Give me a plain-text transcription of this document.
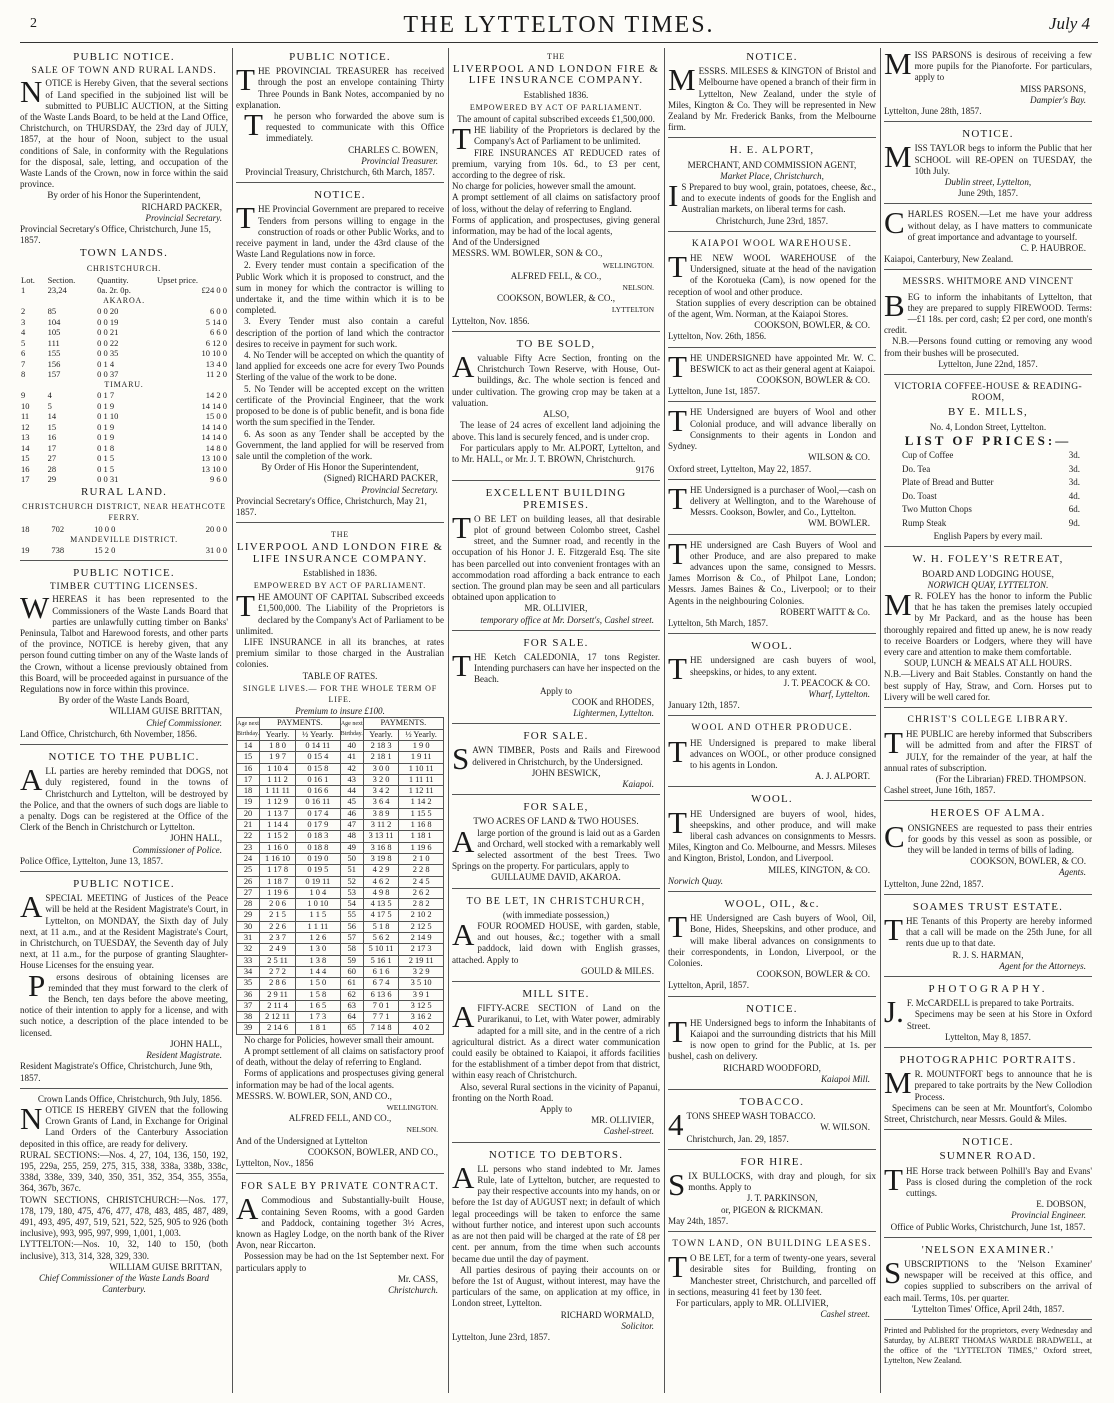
2	THE LYTTELTON TIMES.	July 4
PUBLIC NOTICE.
SALE OF TOWN AND RURAL LANDS.
NOTICE is Hereby Given, that the several sections of Land specified in the subjoined list will be submitted to PUBLIC AUCTION, at the Sitting of the Waste Lands Board, to be held at the Land Office, Christchurch, on THURSDAY, the 23rd day of JULY, 1857, at the hour of Noon, subject to the usual conditions of Sale, in conformity with the Regulations for the disposal, sale, letting, and occupation of the Waste Lands of the Crown, now in force within the said province.
By order of his Honor the Superintendent,
RICHARD PACKER,
Provincial Secretary.
Provincial Secretary's Office, Christchurch, June 15, 1857.
TOWN LANDS.
CHRISTCHURCH.
Lot.	Section.	Quantity.	Upset price.
1	23,24	0a. 2r. 0p.	£24 0 0
AKAROA.			
2	85	0 0 20	6 0 0
3	104	0 0 19	5 14 0
4	105	0 0 21	6 6 0
5	111	0 0 22	6 12 0
6	155	0 0 35	10 10 0
7	156	0 1 4	13 4 0
8	157	0 0 37	11 2 0
TIMARU.			
9	4	0 1 7	14 2 0
10	5	0 1 9	14 14 0
11	14	0 1 10	15 0 0
12	15	0 1 9	14 14 0
13	16	0 1 9	14 14 0
14	17	0 1 8	14 8 0
15	27	0 1 5	13 10 0
16	28	0 1 5	13 10 0
17	29	0 0 31	9 6 0
RURAL LAND.
CHRISTCHURCH DISTRICT, NEAR HEATHCOTE FERRY.
18	702	10 0 0	20 0 0
MANDEVILLE DISTRICT.			
19	738	15 2 0	31 0 0
PUBLIC NOTICE.
TIMBER CUTTING LICENSES.
WHEREAS it has been represented to the Commissioners of the Waste Lands Board that parties are unlawfully cutting timber on Banks' Peninsula, Talbot and Harewood forests, and other parts of the province, NOTICE is hereby given, that any person found cutting timber on any of the Waste lands of the Crown, without a license previously obtained from this Board, will be proceeded against in pursuance of the Regulations now in force within this province.
By order of the Waste Lands Board,
WILLIAM GUISE BRITTAN,
Chief Commissioner.
Land Office, Christchurch, 6th November, 1856.
NOTICE TO THE PUBLIC.
ALL parties are hereby reminded that DOGS, not duly registered, found in the towns of Christchurch and Lyttelton, will be destroyed by the Police, and that the owners of such dogs are liable to a penalty. Dogs can be registered at the Office of the Clerk of the Bench in Christchurch or Lyttelton.
JOHN HALL,
Commissioner of Police.
Police Office, Lyttelton, June 13, 1857.
PUBLIC NOTICE.
ASPECIAL MEETING of Justices of the Peace will be held at the Resident Magistrate's Court, in Lyttelton, on MONDAY, the Sixth day of July next, at 11 a.m., and at the Resident Magistrate's Court, in Christchurch, on TUESDAY, the Seventh day of July next, at 11 a.m., for the purpose of granting Slaughter-House Licenses for the ensuing year.
Persons desirous of obtaining licenses are reminded that they must forward to the clerk of the Bench, ten days before the above meeting, notice of their intention to apply for a license, and with such notice, a description of the place intended to be licensed.
JOHN HALL,
Resident Magistrate.
Resident Magistrate's Office, Christchurch, June 9th, 1857.
Crown Lands Office, Christchurch, 9th July, 1856.
NOTICE IS HEREBY GIVEN that the following Crown Grants of Land, in Exchange for Original Land Orders of the Canterbury Association deposited in this office, are ready for delivery.
RURAL SECTIONS:—Nos. 4, 27, 104, 136, 150, 192, 195, 229a, 255, 259, 275, 315, 338, 338a, 338b, 338c, 338d, 338e, 339, 340, 350, 351, 352, 354, 355, 355a, 364, 367b, 367c.
TOWN SECTIONS, CHRISTCHURCH:—Nos. 177, 178, 179, 180, 475, 476, 477, 478, 483, 485, 487, 489, 491, 493, 495, 497, 519, 521, 522, 525, 905 to 926 (both inclusive), 993, 995, 997, 999, 1,001, 1,003.
LYTTELTON:—Nos. 10, 32, 140 to 150, (both inclusive), 313, 314, 328, 329, 330.
WILLIAM GUISE BRITTAN,
Chief Commissioner of the Waste Lands Board Canterbury.
PUBLIC NOTICE.
THE PROVINCIAL TREASURER has received through the post an envelope containing Thirty Three Pounds in Bank Notes, accompanied by no explanation.
The person who forwarded the above sum is requested to communicate with this Office immediately.
CHARLES C. BOWEN,
Provincial Treasurer.
Provincial Treasury, Christchurch, 6th March, 1857.
NOTICE.
THE Provincial Government are prepared to receive Tenders from persons willing to engage in the construction of roads or other Public Works, and to receive payment in land, under the 43rd clause of the Waste Land Regulations now in force.
2. Every tender must contain a specification of the Public Work which it is proposed to construct, and the sum in money for which the contractor is willing to undertake it, and the time within which it is to be completed.
3. Every Tender must also contain a careful description of the portion of land which the contractor desires to receive in payment for such work.
4. No Tender will be accepted on which the quantity of land applied for exceeds one acre for every Two Pounds Sterling of the value of the work to be done.
5. No Tender will be accepted except on the written certificate of the Provincial Engineer, that the work proposed to be done is of public benefit, and is bona fide worth the sum specified in the Tender.
6. As soon as any Tender shall be accepted by the Government, the land applied for will be reserved from sale until the completion of the work.
By Order of His Honor the Superintendent,
(Signed) RICHARD PACKER,
Provincial Secretary.
Provincial Secretary's Office, Christchurch, May 21, 1857.
THE
LIVERPOOL AND LONDON FIRE & LIFE INSURANCE COMPANY.
Established in 1836.
EMPOWERED BY ACT OF PARLIAMENT.
THE AMOUNT OF CAPITAL Subscribed exceeds £1,500,000. The Liability of the Proprietors is declared by the Company's Act of Parliament to be unlimited.
LIFE INSURANCE in all its branches, at rates premium similar to those charged in the Australian colonies.
TABLE OF RATES.
SINGLE LIVES.— FOR THE WHOLE TERM OF LIFE.
Premium to insure £100.
Age next Birthday.	PAYMENTS.		Age next Birthday.	PAYMENTS.	
	Yearly.	½ Yearly.		Yearly.	½ Yearly.
14	1 8 0	0 14 11	40	2 18 3	1 9 0
15	1 9 7	0 15 4	41	2 18 1	1 9 11
16	1 10 4	0 15 8	42	3 0 0	1 10 11
17	1 11 2	0 16 1	43	3 2 0	1 11 11
18	1 11 11	0 16 6	44	3 4 2	1 12 11
19	1 12 9	0 16 11	45	3 6 4	1 14 2
20	1 13 7	0 17 4	46	3 8 9	1 15 5
21	1 14 4	0 17 9	47	3 11 2	1 16 8
22	1 15 2	0 18 3	48	3 13 11	1 18 1
23	1 16 0	0 18 8	49	3 16 8	1 19 6
24	1 16 10	0 19 0	50	3 19 8	2 1 0
25	1 17 8	0 19 5	51	4 2 9	2 2 8
26	1 18 7	0 19 11	52	4 6 2	2 4 5
27	1 19 6	1 0 4	53	4 9 8	2 6 2
28	2 0 6	1 0 10	54	4 13 5	2 8 2
29	2 1 5	1 1 5	55	4 17 5	2 10 2
30	2 2 6	1 1 11	56	5 1 8	2 12 5
31	2 3 7	1 2 6	57	5 6 2	2 14 9
32	2 4 9	1 3 0	58	5 10 11	2 17 3
33	2 5 11	1 3 8	59	5 16 1	2 19 11
34	2 7 2	1 4 4	60	6 1 6	3 2 9
35	2 8 6	1 5 0	61	6 7 4	3 5 10
36	2 9 11	1 5 8	62	6 13 6	3 9 1
37	2 11 4	1 6 5	63	7 0 1	3 12 5
38	2 12 11	1 7 3	64	7 7 1	3 16 2
39	2 14 6	1 8 1	65	7 14 8	4 0 2
No charge for Policies, however small their amount.
A prompt settlement of all claims on satisfactory proof of death, without the delay of referring to England.
Forms of applications and prospectuses giving general information may be had of the local agents.
MESSRS. W. BOWLER, SON, AND CO.,
WELLINGTON.
ALFRED FELL, AND CO.,
NELSON.
And of the Undersigned at Lyttelton
COOKSON, BOWLER, AND CO.,
Lyttelton, Nov., 1856
FOR SALE BY PRIVATE CONTRACT.
ACommodious and Substantially-built House, containing Seven Rooms, with a good Garden and Paddock, containing together 3½ Acres, known as Hagley Lodge, on the north bank of the River Avon, near Riccarton.
Possession may be had on the 1st September next. For particulars apply to
Mr. CASS,
Christchurch.
THE
LIVERPOOL AND LONDON FIRE & LIFE INSURANCE COMPANY.
Established 1836.
EMPOWERED BY ACT OF PARLIAMENT.
The amount of capital subscribed exceeds £1,500,000.
THE liability of the Proprietors is declared by the Company's Act of Parliament to be unlimited.
FIRE INSURANCES AT REDUCED rates of premium, varying from 10s. 6d., to £3 per cent, according to the degree of risk.
No charge for policies, however small the amount.
A prompt settlement of all claims on satisfactory proof of loss, without the delay of referring to England.
Forms of application, and prospectuses, giving general information, may be had of the local agents,
And of the Undersigned
MESSRS. WM. BOWLER, SON & CO.,
WELLINGTON.
ALFRED FELL, & CO.,
NELSON.
COOKSON, BOWLER, & CO.,
LYTTELTON
Lyttelton, Nov. 1856.
TO BE SOLD,
Avaluable Fifty Acre Section, fronting on the Christchurch Town Reserve, with House, Out-buildings, &c. The whole section is fenced and under cultivation. The growing crop may be taken at a valuation.
ALSO,
The lease of 24 acres of excellent land adjoining the above. This land is securely fenced, and is under crop.
For particulars apply to Mr. ALPORT, Lyttelton, and to Mr. HALL, or Mr. J. T. BROWN, Christchurch.
9176
EXCELLENT BUILDING PREMISES.
TO BE LET on building leases, all that desirable plot of ground between Colombo street, Cashel street, and the Sumner road, and recently in the occupation of his Honor J. E. Fitzgerald Esq. The site has been parcelled out into convenient frontages with an accommodation road affording a back entrance to each section. The ground plan may be seen and all particulars obtained upon application to
MR. OLLIVIER,
temporary office at Mr. Dorsett's, Cashel street.
FOR SALE.
THE Ketch CALEDONIA, 17 tons Register. Intending purchasers can have her inspected on the Beach.
Apply to
COOK and RHODES,
Lightermen, Lyttelton.
FOR SALE.
SAWN TIMBER, Posts and Rails and Firewood delivered in Christchurch, by the Undersigned.
JOHN BESWICK,
Kaiapoi.
FOR SALE,
TWO ACRES OF LAND & TWO HOUSES.
Alarge portion of the ground is laid out as a Garden and Orchard, well stocked with a remarkably well selected assortment of the best Trees. Two Springs on the property. For particulars, apply to
GUILLAUME DAVID, AKAROA.
TO BE LET, IN CHRISTCHURCH,
(with immediate possession,)
AFOUR ROOMED HOUSE, with garden, stable, and out houses, &c.; together with a small paddock, laid down with English grasses, attached. Apply to
GOULD & MILES.
MILL SITE.
AFIFTY-ACRE SECTION of Land on the Purarikanui, to Let, with Water power, admirably adapted for a mill site, and in the centre of a rich agricultural district. As a direct water communication could easily be obtained to Kaiapoi, it affords facilities for the establishment of a timber depot from that district, within easy reach of Christchurch.
Also, several Rural sections in the vicinity of Papanui, fronting on the North Road.
Apply to
MR. OLLIVIER,
Cashel-street.
NOTICE TO DEBTORS.
ALL persons who stand indebted to Mr. James Rule, late of Lyttelton, butcher, are requested to pay their respective accounts into my hands, on or before the 1st day of AUGUST next; in default of which legal proceedings will be taken to enforce the same without further notice, and interest upon such accounts as are not then paid will be charged at the rate of £8 per cent. per annum, from the time when such accounts became due until the day of payment.
All parties desirous of paying their accounts on or before the 1st of August, without interest, may have the particulars of the same, on application at my office, in London street, Lyttelton.
RICHARD WORMALD,
Solicitor.
Lyttelton, June 23rd, 1857.
NOTICE.
MESSRS. MILESES & KINGTON of Bristol and Melbourne have opened a branch of their firm in Lyttelton, New Zealand, under the style of Miles, Kington & Co. They will be represented in New Zealand by Mr. Frederick Banks, from the Melbourne firm.
H. E. ALPORT,
MERCHANT, AND COMMISSION AGENT,
Market Place, Christchurch,
IS Prepared to buy wool, grain, potatoes, cheese, &c., and to execute indents of goods for the English and Australian markets, on liberal terms for cash.
Christchurch, June 23rd, 1857.
KAIAPOI WOOL WAREHOUSE.
THE NEW WOOL WAREHOUSE of the Undersigned, situate at the head of the navigation of the Korotueka (Cam), is now opened for the reception of wool and other produce.
Station supplies of every description can be obtained of the agent, Wm. Norman, at the Kaiapoi Stores.
COOKSON, BOWLER, & CO.
Lyttelton, Nov. 26th, 1856.
THE UNDERSIGNED have appointed Mr. W. C. BESWICK to act as their general agent at Kaiapoi.
COOKSON, BOWLER & CO.
Lyttelton, June 1st, 1857.
THE Undersigned are buyers of Wool and other Colonial produce, and will advance liberally on Consignments to their agents in London and Sydney.
WILSON & CO.
Oxford street, Lyttelton, May 22, 1857.
THE Undersigned is a purchaser of Wool,—cash on delivery at Wellington, and to the Warehouse of Messrs. Cookson, Bowler, and Co., Lyttelton.
WM. BOWLER.
THE undersigned are Cash Buyers of Wool and other Produce, and are also prepared to make advances upon the same, consigned to Messrs. James Morrison & Co., of Philpot Lane, London; Messrs. James Baines & Co., Liverpool; or to their Agents in the neighbouring Colonies.
ROBERT WAITT & Co.
Lyttelton, 5th March, 1857.
WOOL.
THE undersigned are cash buyers of wool, sheepskins, or hides, to any extent.
J. T. PEACOCK & CO.
Wharf, Lyttelton.
January 12th, 1857.
WOOL AND OTHER PRODUCE.
THE Undersigned is prepared to make liberal advances on WOOL, or other produce consigned to his agents in London.
A. J. ALPORT.
WOOL.
THE Undersigned are buyers of wool, hides, sheepskins, and other produce, and will make liberal cash advances on consignments to Messrs. Miles, Kington and Co. Melbourne, and Messrs. Mileses and Kington, Bristol, London, and Liverpool.
MILES, KINGTON, & CO.
Norwich Quay.
WOOL, OIL, &c.
THE Undersigned are Cash buyers of Wool, Oil, Bone, Hides, Sheepskins, and other produce, and will make liberal advances on consignments to their correspondents, in London, Liverpool, or the Colonies.
COOKSON, BOWLER & CO.
Lyttelton, April, 1857.
NOTICE.
THE Undersigned begs to inform the Inhabitants of Kaiapoi and the surrounding districts that his Mill is now open to grind for the Public, at 1s. per bushel, cash on delivery.
RICHARD WOODFORD,
Kaiapoi Mill.
TOBACCO.
4TONS SHEEP WASH TOBACCO.
W. WILSON.
Christchurch, Jan. 29, 1857.
FOR HIRE.
SIX BULLOCKS, with dray and plough, for six months. Apply to
J. T. PARKINSON,
or, PIGEON & RICKMAN.
May 24th, 1857.
TOWN LAND, ON BUILDING LEASES.
TO BE LET, for a term of twenty-one years, several desirable sites for Building, fronting on Manchester street, Christchurch, and parcelled off in sections, measuring 41 feet by 130 feet.
For particulars, apply to MR. OLLIVIER,
Cashel street.
MISS PARSONS is desirous of receiving a few more pupils for the Pianoforte. For particulars, apply to
MISS PARSONS,
Dampier's Bay.
Lyttelton, June 28th, 1857.
NOTICE.
MISS TAYLOR begs to inform the Public that her SCHOOL will RE-OPEN on TUESDAY, the 10th July.
Dublin street, Lyttelton,
June 29th, 1857.
CHARLES ROSEN.—Let me have your address without delay, as I have matters to communicate of great importance and advantage to yourself.
C. P. HAUBROE.
Kaiapoi, Canterbury, New Zealand.
MESSRS. WHITMORE AND VINCENT
BEG to inform the inhabitants of Lyttelton, that they are prepared to supply FIREWOOD. Terms:—£1 18s. per cord, cash; £2 per cord, one month's credit.
N.B.—Persons found cutting or removing any wood from their bushes will be prosecuted.
Lyttelton, June 22nd, 1857.
VICTORIA COFFEE-HOUSE & READING-ROOM,
BY E. MILLS,
No. 4, London Street, Lyttelton.
LIST OF PRICES:—
Cup of Coffee	3d.
Do. Tea	3d.
Plate of Bread and Butter	3d.
Do. Toast	4d.
Two Mutton Chops	6d.
Rump Steak	9d.
English Papers by every mail.
W. H. FOLEY'S RETREAT,
BOARD AND LODGING HOUSE,
NORWICH QUAY, LYTTELTON.
MR. FOLEY has the honor to inform the Public that he has taken the premises lately occupied by Mr Packard, and as the house has been thoroughly repaired and fitted up anew, he is now ready to receive Boarders or Lodgers, where they will have every care and attention to make them comfortable.
SOUP, LUNCH & MEALS AT ALL HOURS.
N.B.—Livery and Bait Stables. Constantly on hand the best supply of Hay, Straw, and Corn. Horses put to Livery will be well cared for.
CHRIST'S COLLEGE LIBRARY.
THE PUBLIC are hereby informed that Subscribers will be admitted from and after the FIRST of JULY, for the remainder of the year, at half the annual rates of subscription.
(For the Librarian) FRED. THOMPSON.
Cashel street, June 16th, 1857.
HEROES OF ALMA.
CONSIGNEES are requested to pass their entries for goods by this vessel as soon as possible, or they will be landed in terms of bills of lading.
COOKSON, BOWLER, & CO.
Agents.
Lyttelton, June 22nd, 1857.
SOAMES TRUST ESTATE.
THE Tenants of this Property are hereby informed that a call will be made on the 25th June, for all rents due up to that date.
R. J. S. HARMAN,
Agent for the Attorneys.
PHOTOGRAPHY.
J.F. McCARDELL is prepared to take Portraits.
Specimens may be seen at his Store in Oxford Street.
Lyttelton, May 8, 1857.
PHOTOGRAPHIC PORTRAITS.
MR. MOUNTFORT begs to announce that he is prepared to take portraits by the New Collodion Process.
Specimens can be seen at Mr. Mountfort's, Colombo Street, Christchurch, near Messrs. Gould & Miles.
NOTICE.
SUMNER ROAD.
THE Horse track between Polhill's Bay and Evans' Pass is closed during the completion of the rock cuttings.
E. DOBSON,
Provincial Engineer.
Office of Public Works, Christchurch, June 1st, 1857.
'NELSON EXAMINER.'
SUBSCRIPTIONS to the 'Nelson Examiner' newspaper will be received at this office, and copies supplied to subscribers on the arrival of each mail. Terms, 10s. per quarter.
'Lyttelton Times' Office, April 24th, 1857.
Printed and Published for the proprietors, every Wednesday and Saturday, by ALBERT THOMAS WARDLE BRADWELL, at the office of the "LYTTELTON TIMES," Oxford street, Lyttelton, New Zealand.
